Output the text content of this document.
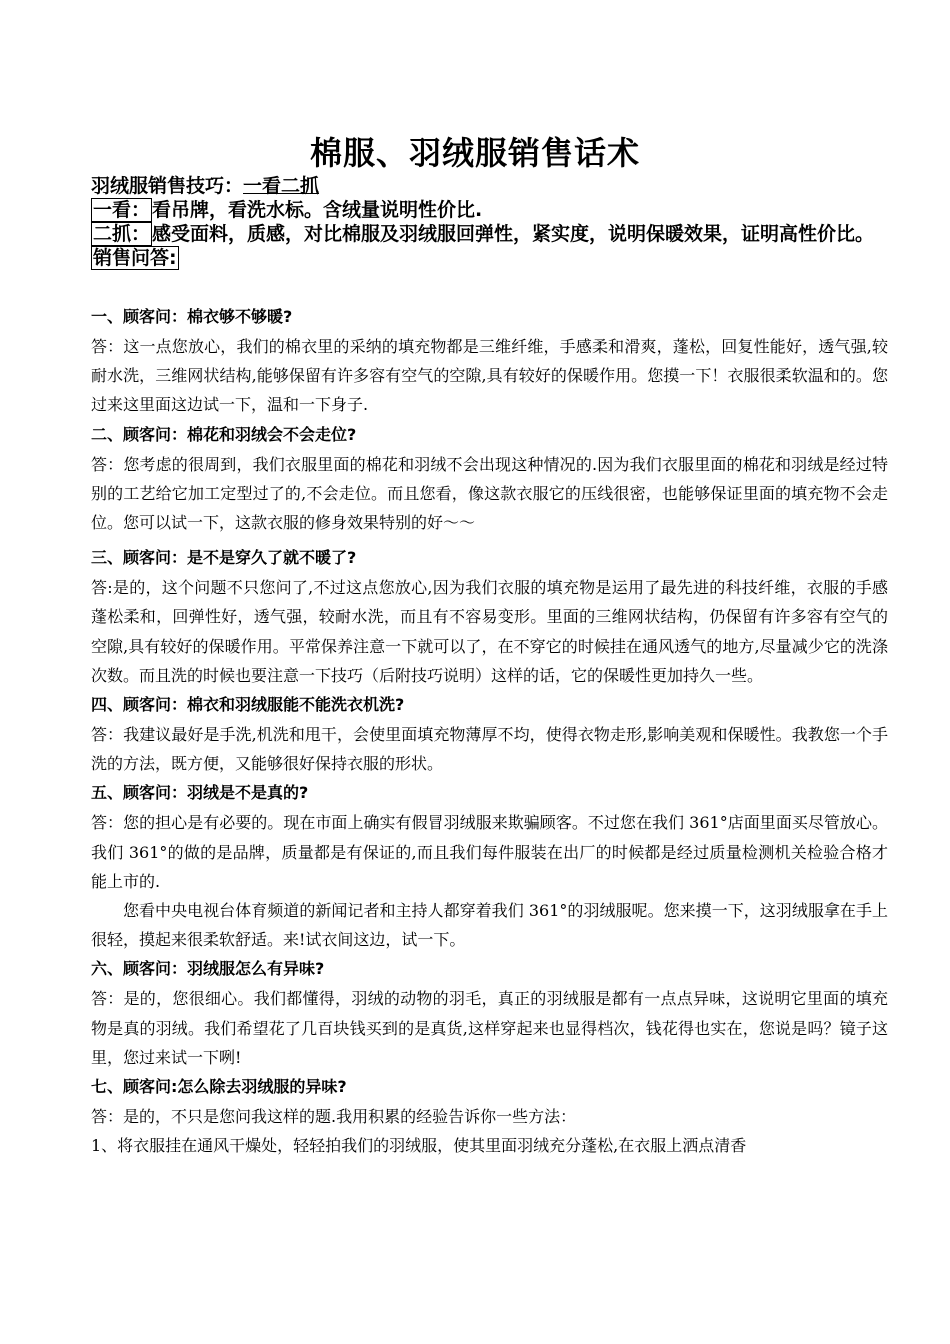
棉服、羽绒服销售话术
羽绒服销售技巧：一看二抓
一看： 看吊牌，看洗水标。含绒量说明性价比.
二抓： 感受面料，质感，对比棉服及羽绒服回弹性，紧实度，说明保暖效果，证明高性价比。
销售问答:
一、顾客问：棉衣够不够暖?
答：这一点您放心，我们的棉衣里的采纳的填充物都是三维纤维，手感柔和滑爽，蓬松，回复性能好，透气强,较耐水洗，三维网状结构,能够保留有许多容有空气的空隙,具有较好的保暖作用。您摸一下！衣服很柔软温和的。您过来这里面这边试一下，温和一下身子.
二、顾客问：棉花和羽绒会不会走位?
答：您考虑的很周到，我们衣服里面的棉花和羽绒不会出现这种情况的.因为我们衣服里面的棉花和羽绒是经过特别的工艺给它加工定型过了的,不会走位。而且您看，像这款衣服它的压线很密，也能够保证里面的填充物不会走位。您可以试一下，这款衣服的修身效果特别的好～～
三、顾客问：是不是穿久了就不暖了?
答:是的，这个问题不只您问了,不过这点您放心,因为我们衣服的填充物是运用了最先进的科技纤维，衣服的手感蓬松柔和，回弹性好，透气强，较耐水洗，而且有不容易变形。里面的三维网状结构，仍保留有许多容有空气的空隙,具有较好的保暖作用。平常保养注意一下就可以了，在不穿它的时候挂在通风透气的地方,尽量减少它的洗涤次数。而且洗的时候也要注意一下技巧（后附技巧说明）这样的话，它的保暖性更加持久一些。
四、顾客问：棉衣和羽绒服能不能洗衣机洗?
答：我建议最好是手洗,机洗和甩干，会使里面填充物薄厚不均，使得衣物走形,影响美观和保暖性。我教您一个手洗的方法，既方便，又能够很好保持衣服的形状。
五、顾客问：羽绒是不是真的?
答：您的担心是有必要的。现在市面上确实有假冒羽绒服来欺骗顾客。不过您在我们 361°店面里面买尽管放心。我们 361°的做的是品牌，质量都是有保证的,而且我们每件服装在出厂的时候都是经过质量检测机关检验合格才能上市的.
您看中央电视台体育频道的新闻记者和主持人都穿着我们 361°的羽绒服呢。您来摸一下，这羽绒服拿在手上很轻，摸起来很柔软舒适。来!试衣间这边，试一下。
六、顾客问：羽绒服怎么有异味?
答：是的，您很细心。我们都懂得，羽绒的动物的羽毛，真正的羽绒服是都有一点点异味，这说明它里面的填充物是真的羽绒。我们希望花了几百块钱买到的是真货,这样穿起来也显得档次，钱花得也实在，您说是吗？镜子这里，您过来试一下咧!
七、顾客问:怎么除去羽绒服的异味?
答：是的，不只是您问我这样的题.我用积累的经验告诉你一些方法：
1、将衣服挂在通风干燥处，轻轻拍我们的羽绒服，使其里面羽绒充分蓬松,在衣服上洒点清香
